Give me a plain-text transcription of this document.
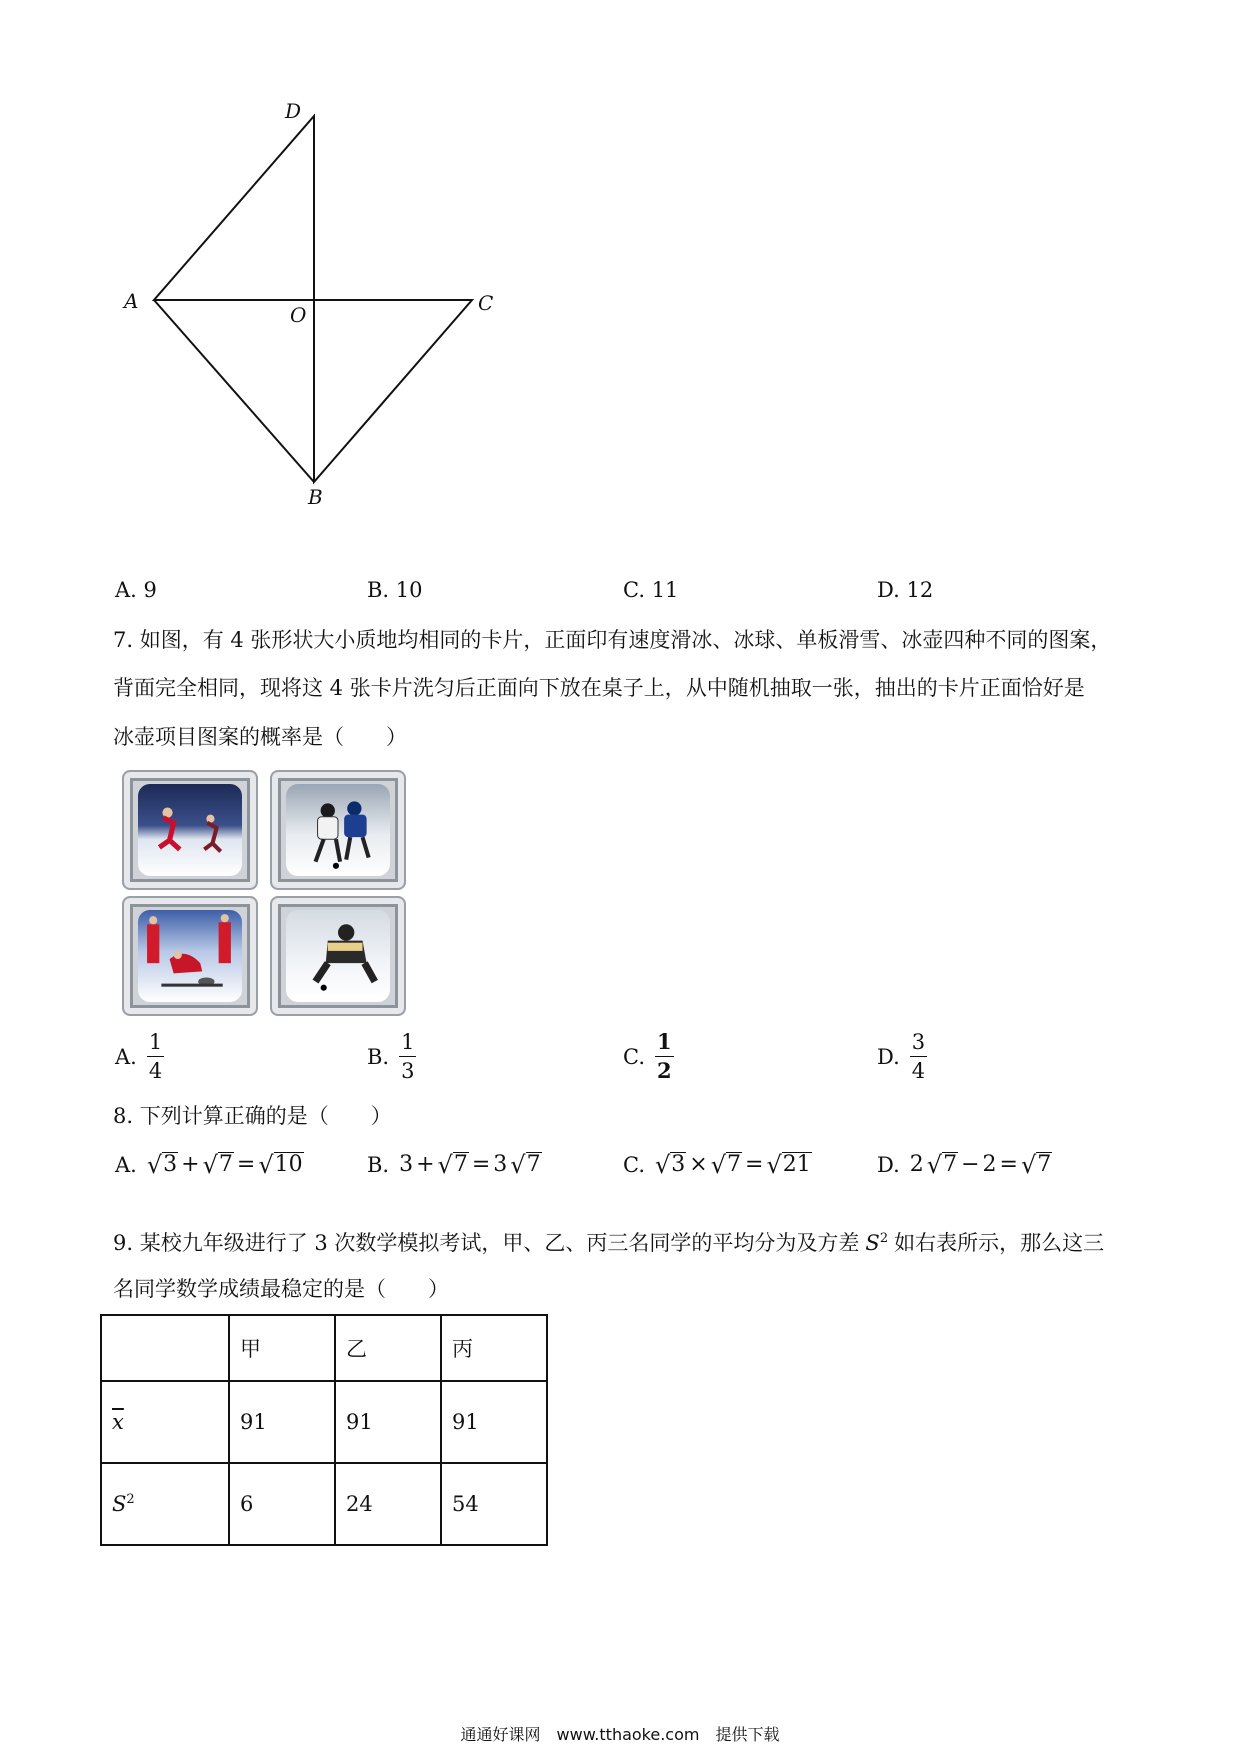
D
A	C
O
B
A.
9	B.
10	C.
11	D.
12
7. 如图，有 4 张形状大小质地均相同的卡片，正面印有速度滑冰、冰球、单板滑雪、冰壶四种不同的图案，
背面完全相同，现将这 4 张卡片洗匀后正面向下放在桌子上，从中随机抽取一张，抽出的卡片正面恰好是
冰壶项目图案的概率是（　　）
A. $\frac{1}{4}$	B. $\frac{1}{3}$	C. $\frac{1}{2}$	D. $\frac{3}{4}$
8. 下列计算正确的是（　　）
A. √ 3 + √ 7 = √ 10	B. 3 + √ 7 = 3 √ 7	C. √ 3 × √ 7 = √ 21	D. 2 √ 7 − 2 = √ 7
9. 某校九年级进行了 3 次数学模拟考试，甲、乙、丙三名同学的平均分为及方差 $S^2$ 如右表所示，那么这三
名同学数学成绩最稳定的是（　　）
	甲	乙	丙
$\overline{x}$	91	91	91
$S^2$	6	24	54
通通好课网　www.tthaoke.com　提供下载
